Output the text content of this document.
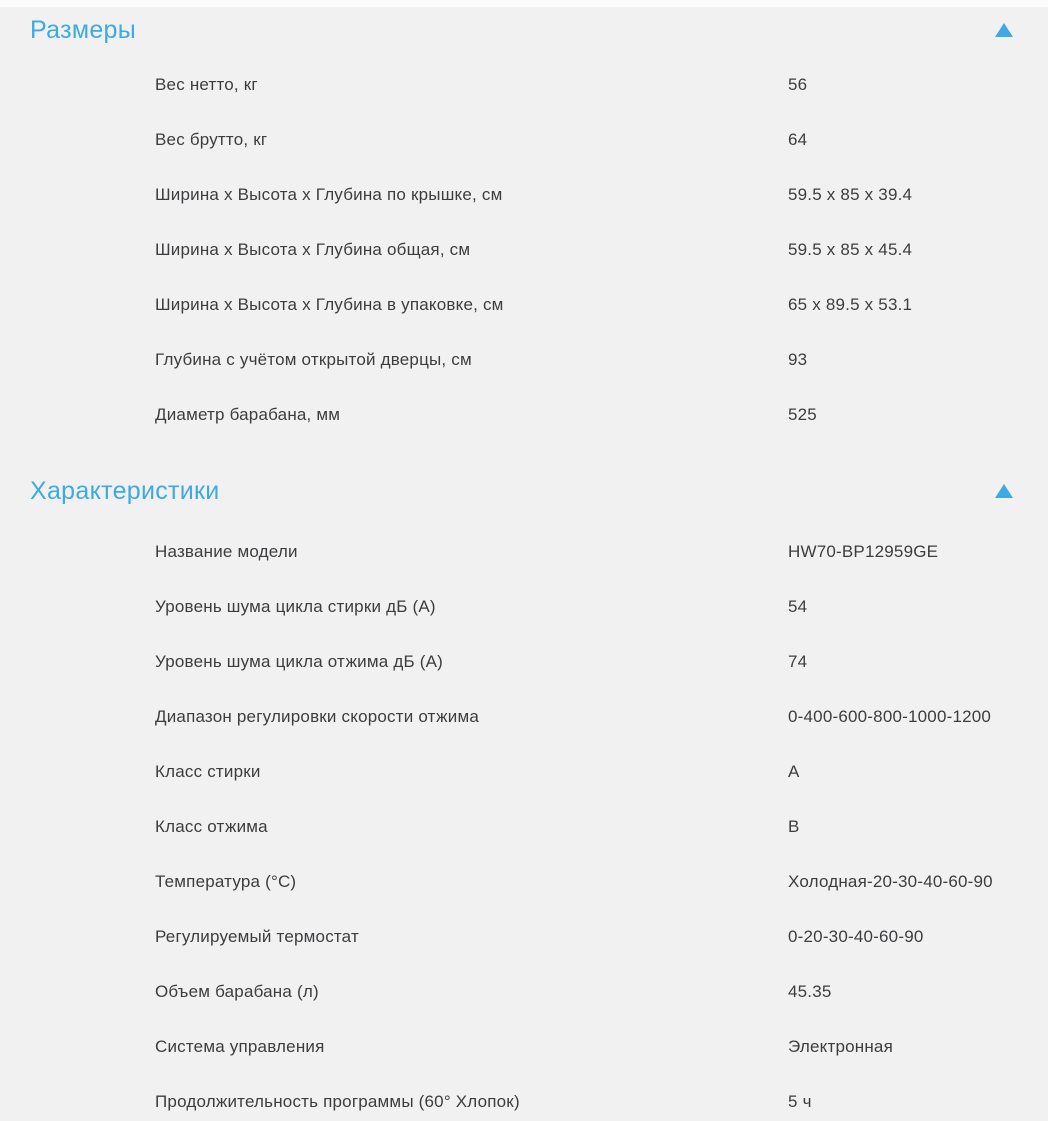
Размеры
Вес нетто, кг	56
Вес брутто, кг	64
Ширина x Высота x Глубина по крышке, см	59.5 x 85 x 39.4
Ширина x Высота x Глубина общая, см	59.5 x 85 x 45.4
Ширина x Высота x Глубина в упаковке, см	65 x 89.5 x 53.1
Глубина с учётом открытой дверцы, см	93
Диаметр барабана, мм	525
Характеристики
Название модели	HW70-BP12959GE
Уровень шума цикла стирки дБ (А)	54
Уровень шума цикла отжима дБ (А)	74
Диапазон регулировки скорости отжима	0-400-600-800-1000-1200
Класс стирки	A
Класс отжима	B
Температура (°C)	Холодная-20-30-40-60-90
Регулируемый термостат	0-20-30-40-60-90
Объем барабана (л)	45.35
Система управления	Электронная
Продолжительность программы (60° Хлопок)	5 ч
